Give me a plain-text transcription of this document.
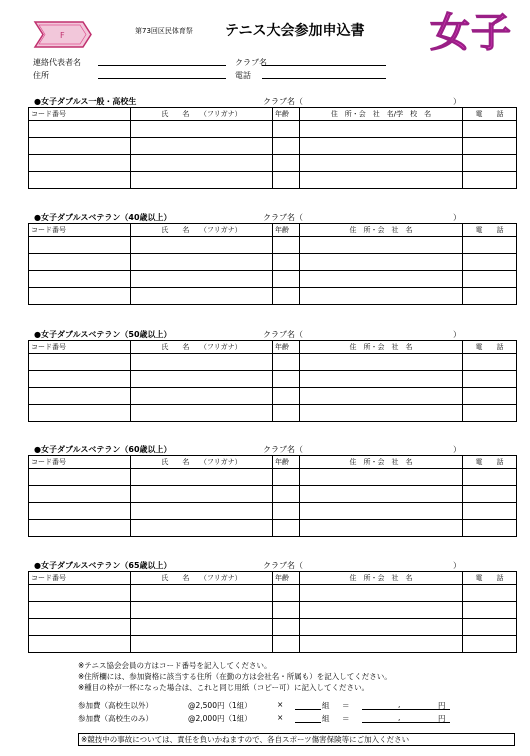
F	第73回区民体育祭 テニス大会参加申込書 女子
連絡代表者名	クラブ名
住所	電話
●女子ダブルス一般・高校生	クラブ名（	）
コード番号	氏　　名　　（フリガナ）	年齢	住　所・会　社　名/学　校　名	電　　話

●女子ダブルスベテラン（40歳以上）	クラブ名（	）
コード番号	氏　　名　　（フリガナ）	年齢	住　所・会　社　名	電　　話

●女子ダブルスベテラン（50歳以上）	クラブ名（	）
コード番号	氏　　名　　（フリガナ）	年齢	住　所・会　社　名	電　　話

●女子ダブルスベテラン（60歳以上）	クラブ名（	）
コード番号	氏　　名　　（フリガナ）	年齢	住　所・会　社　名	電　　話

●女子ダブルスベテラン（65歳以上）	クラブ名（	）
コード番号	氏　　名　　（フリガナ）	年齢	住　所・会　社　名	電　　話

※テニス協会会員の方はコード番号を記入してください。
※住所欄には、参加資格に該当する住所（在勤の方は会社名・所属も）を記入してください。
※種目の枠が一杯になった場合は、これと同じ用紙（コピー可）に記入してください。
参加費（高校生以外）	@2,500円（1組）	×	組 ＝	,	円
参加費（高校生のみ）	@2,000円（1組）	×	組 ＝	,	円
※競技中の事故については、責任を負いかねますので、各自スポーツ傷害保険等にご加入ください
